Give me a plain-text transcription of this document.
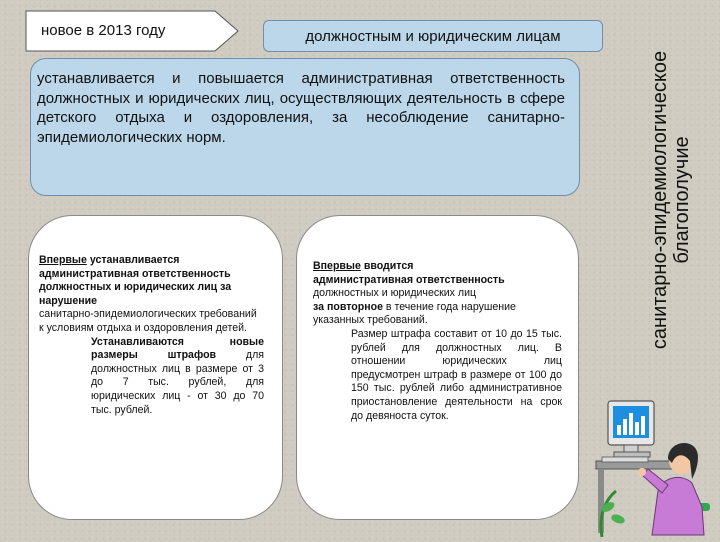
новое в 2013 году	должностным и юридическим лицам
устанавливается и повышается административная ответственность должностных и юридических лиц, осуществляющих деятельность в сфере детского отдыха и оздоровления, за несоблюдение санитарно-эпидемиологических норм.	санитарно-эпидемиологическое благополучие
Впервые устанавливается
административная ответственность должностных и юридических лиц за нарушение
санитарно-эпидемиологических требований к условиям отдыха и оздоровления детей.
Устанавливаются новые размеры штрафов для должностных лиц в размере от 3 до 7 тыс. рублей, для юридических лиц - от 30 до 70 тыс. рублей.
Впервые вводится
административная ответственность
должностных и юридических лиц
за повторное в течение года нарушение указанных требований.
Размер штрафа составит от 10 до 15 тыс. рублей для должностных лиц. В отношении юридических лиц предусмотрен штраф в размере от 100 до 150 тыс. рублей либо административное приостановление деятельности на срок до девяноста суток.
